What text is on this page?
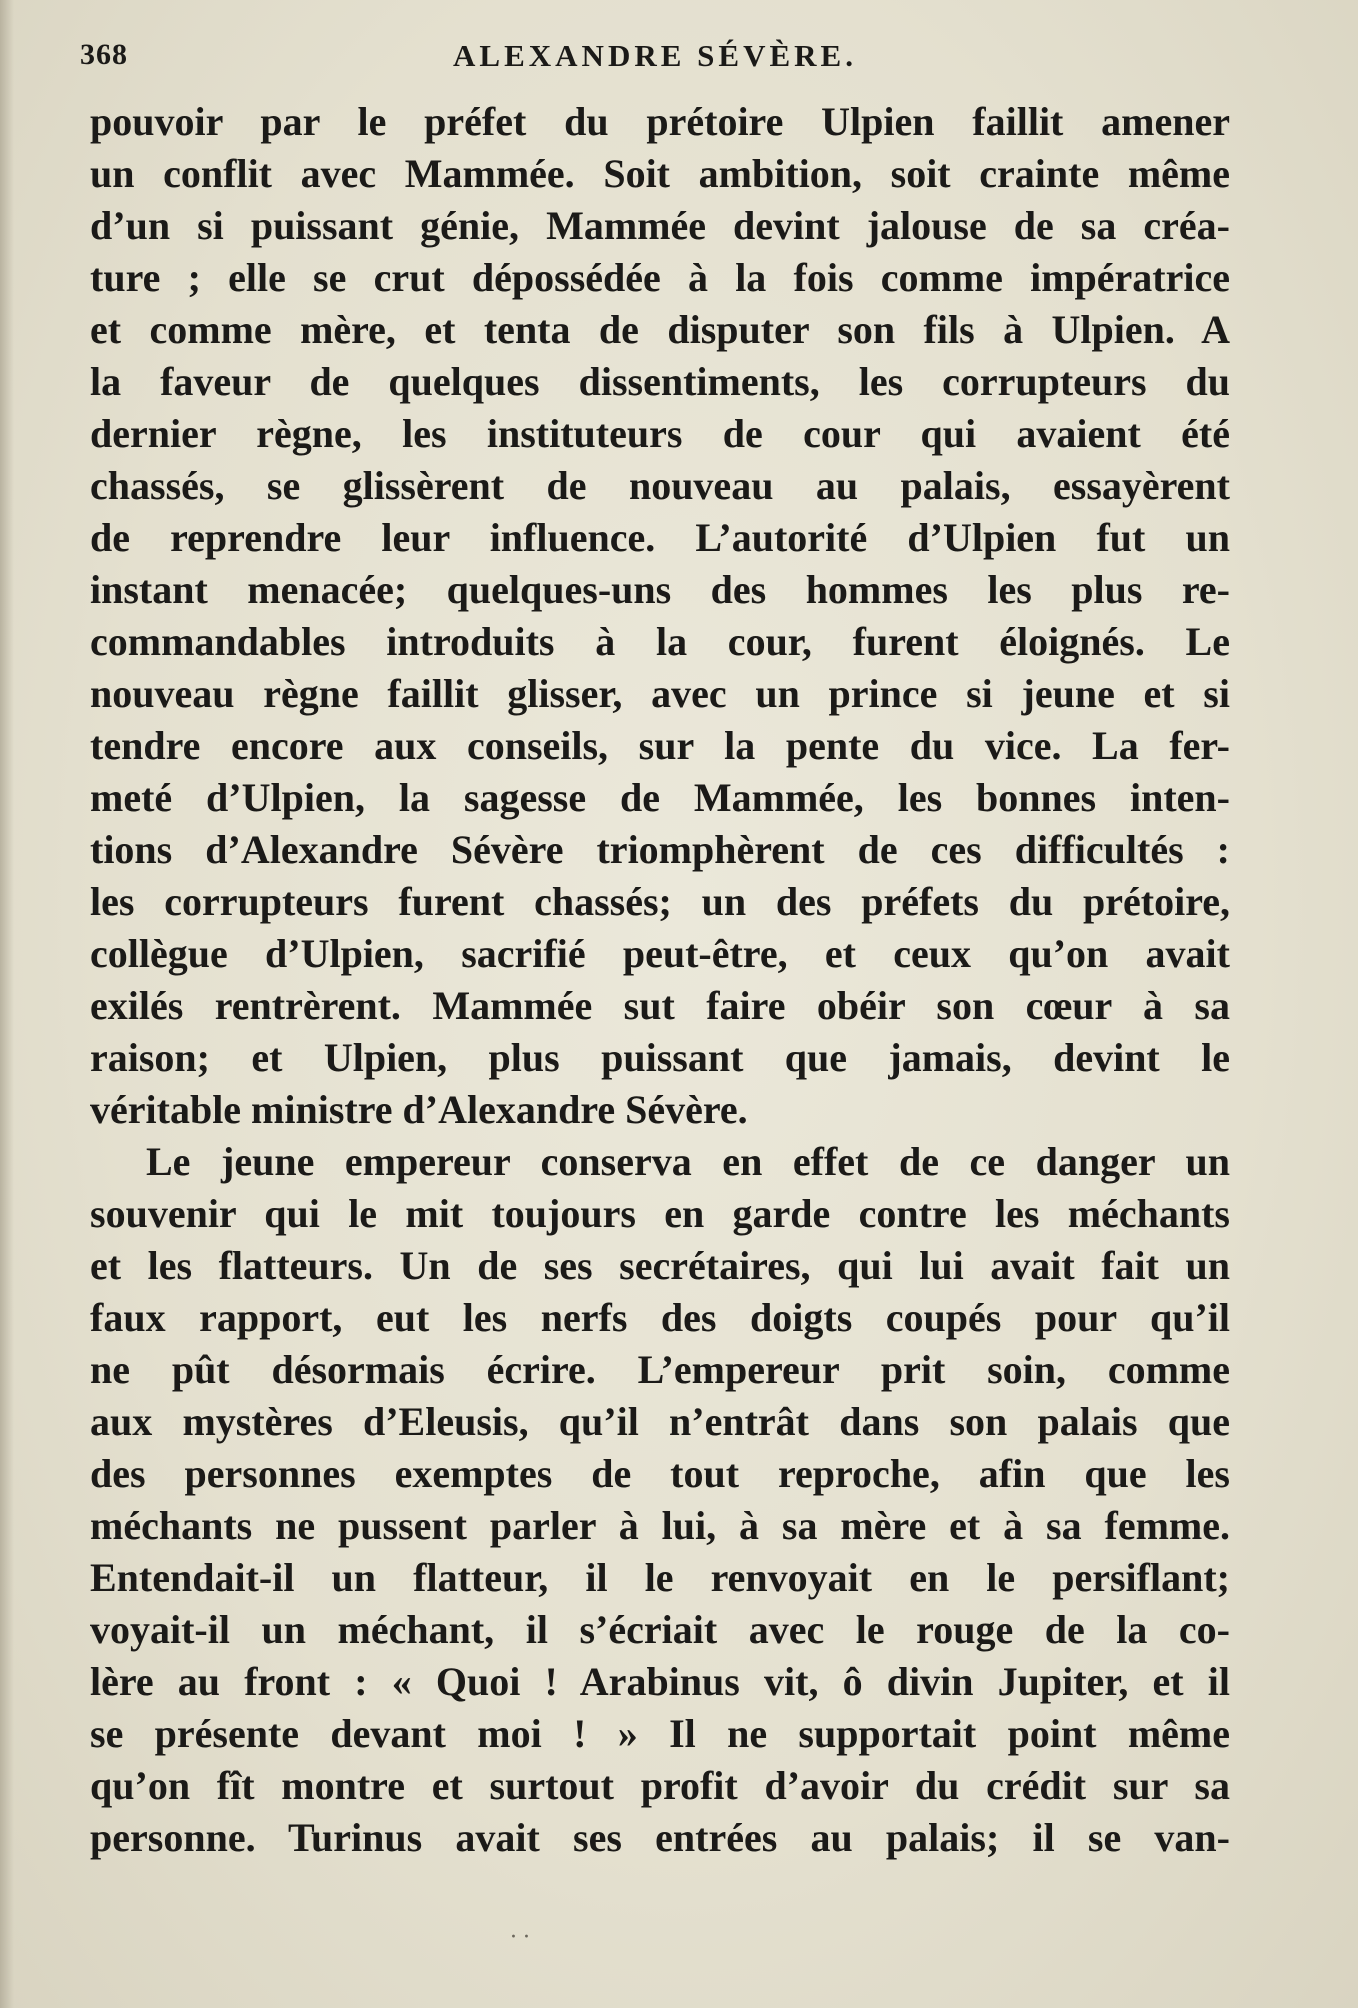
368	ALEXANDRE SÉVÈRE.
pouvoir par le préfet du prétoire Ulpien faillit amener
un conflit avec Mammée. Soit ambition, soit crainte même
d’un si puissant génie, Mammée devint jalouse de sa créa-
ture ; elle se crut dépossédée à la fois comme impératrice
et comme mère, et tenta de disputer son fils à Ulpien. A
la faveur de quelques dissentiments, les corrupteurs du
dernier règne, les instituteurs de cour qui avaient été
chassés, se glissèrent de nouveau au palais, essayèrent
de reprendre leur influence. L’autorité d’Ulpien fut un
instant menacée; quelques-uns des hommes les plus re-
commandables introduits à la cour, furent éloignés. Le
nouveau règne faillit glisser, avec un prince si jeune et si
tendre encore aux conseils, sur la pente du vice. La fer-
meté d’Ulpien, la sagesse de Mammée, les bonnes inten-
tions d’Alexandre Sévère triomphèrent de ces difficultés :
les corrupteurs furent chassés; un des préfets du prétoire,
collègue d’Ulpien, sacrifié peut-être, et ceux qu’on avait
exilés rentrèrent. Mammée sut faire obéir son cœur à sa
raison; et Ulpien, plus puissant que jamais, devint le
véritable ministre d’Alexandre Sévère.
Le jeune empereur conserva en effet de ce danger un
souvenir qui le mit toujours en garde contre les méchants
et les flatteurs. Un de ses secrétaires, qui lui avait fait un
faux rapport, eut les nerfs des doigts coupés pour qu’il
ne pût désormais écrire. L’empereur prit soin, comme
aux mystères d’Eleusis, qu’il n’entrât dans son palais que
des personnes exemptes de tout reproche, afin que les
méchants ne pussent parler à lui, à sa mère et à sa femme.
Entendait-il un flatteur, il le renvoyait en le persiflant;
voyait-il un méchant, il s’écriait avec le rouge de la co-
lère au front : « Quoi ! Arabinus vit, ô divin Jupiter, et il
se présente devant moi ! » Il ne supportait point même
qu’on fît montre et surtout profit d’avoir du crédit sur sa
personne. Turinus avait ses entrées au palais; il se van-
··
